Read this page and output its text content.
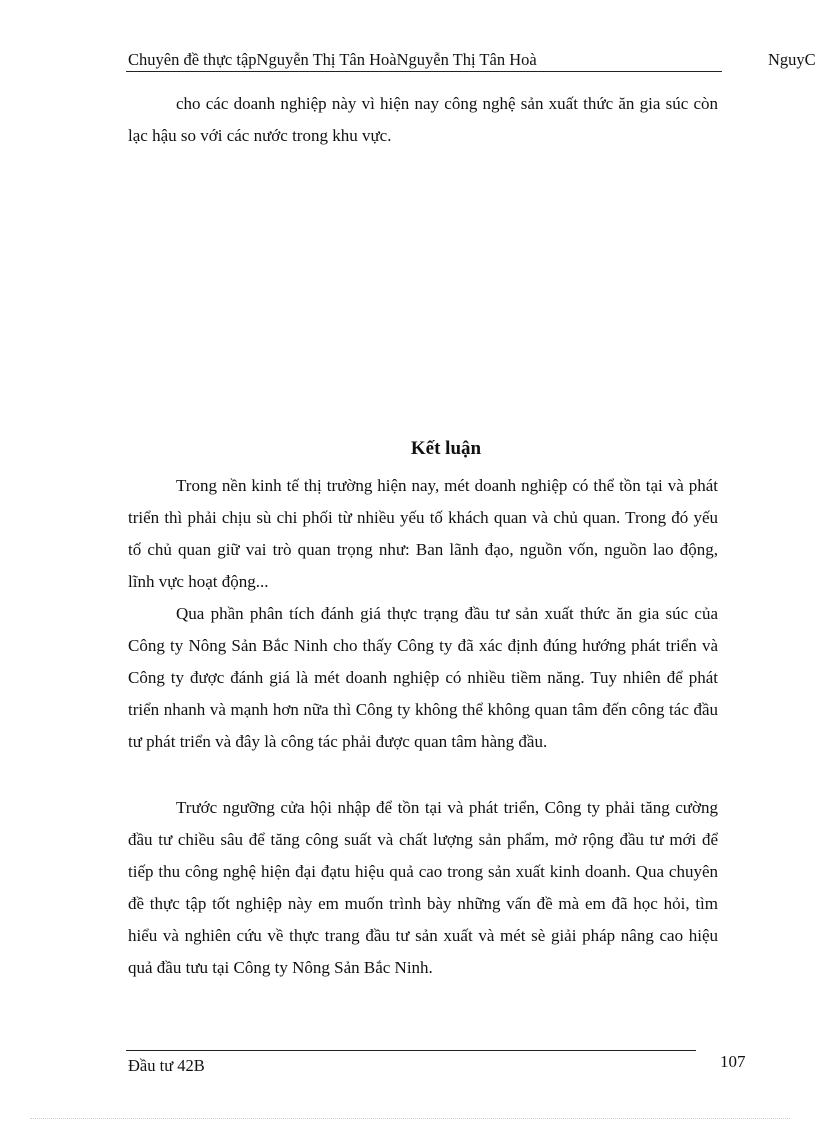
Chuyên đề thực tậpNguyễn Thị Tân HoàNguyễn Thị Tân Hoà	NguyC

cho các doanh nghiệp này vì hiện nay công nghệ sản xuất thức ăn gia súc còn lạc hậu so với các nước trong khu vực.

Kết luận

Trong nền kinh tế thị trường hiện nay, mét doanh nghiệp có thể tồn tại và phát triển thì phải chịu sù chi phối từ nhiều yếu tố khách quan và chủ quan. Trong đó yếu tố chủ quan giữ vai trò quan trọng như: Ban lãnh đạo, nguồn vốn, nguồn lao động, lĩnh vực hoạt động...

Qua phần phân tích đánh giá thực trạng đầu tư sản xuất thức ăn gia súc của Công ty Nông Sản Bắc Ninh cho thấy Công ty đã xác định đúng hướng phát triển và Công ty được đánh giá là mét doanh nghiệp có nhiều tiềm năng. Tuy nhiên để phát triển nhanh và mạnh hơn nữa thì Công ty không thể không quan tâm đến công tác đầu tư phát triển và đây là công tác phải được quan tâm hàng đầu.

Trước ngưỡng cửa hội nhập để tồn tại và phát triển, Công ty phải tăng cường đầu tư chiều sâu để tăng công suất và chất lượng sản phẩm, mở rộng đầu tư mới để tiếp thu công nghệ hiện đại đạtu hiệu quả cao trong sản xuất kinh doanh. Qua chuyên đề thực tập tốt nghiệp này em muốn trình bày những vấn đề mà em đã học hỏi, tìm hiểu và nghiên cứu về thực trang đầu tư sản xuất và mét sè giải pháp nâng cao hiệu quả đầu tưu tại Công ty Nông Sản Bắc Ninh.

Đầu tư 42B	107
